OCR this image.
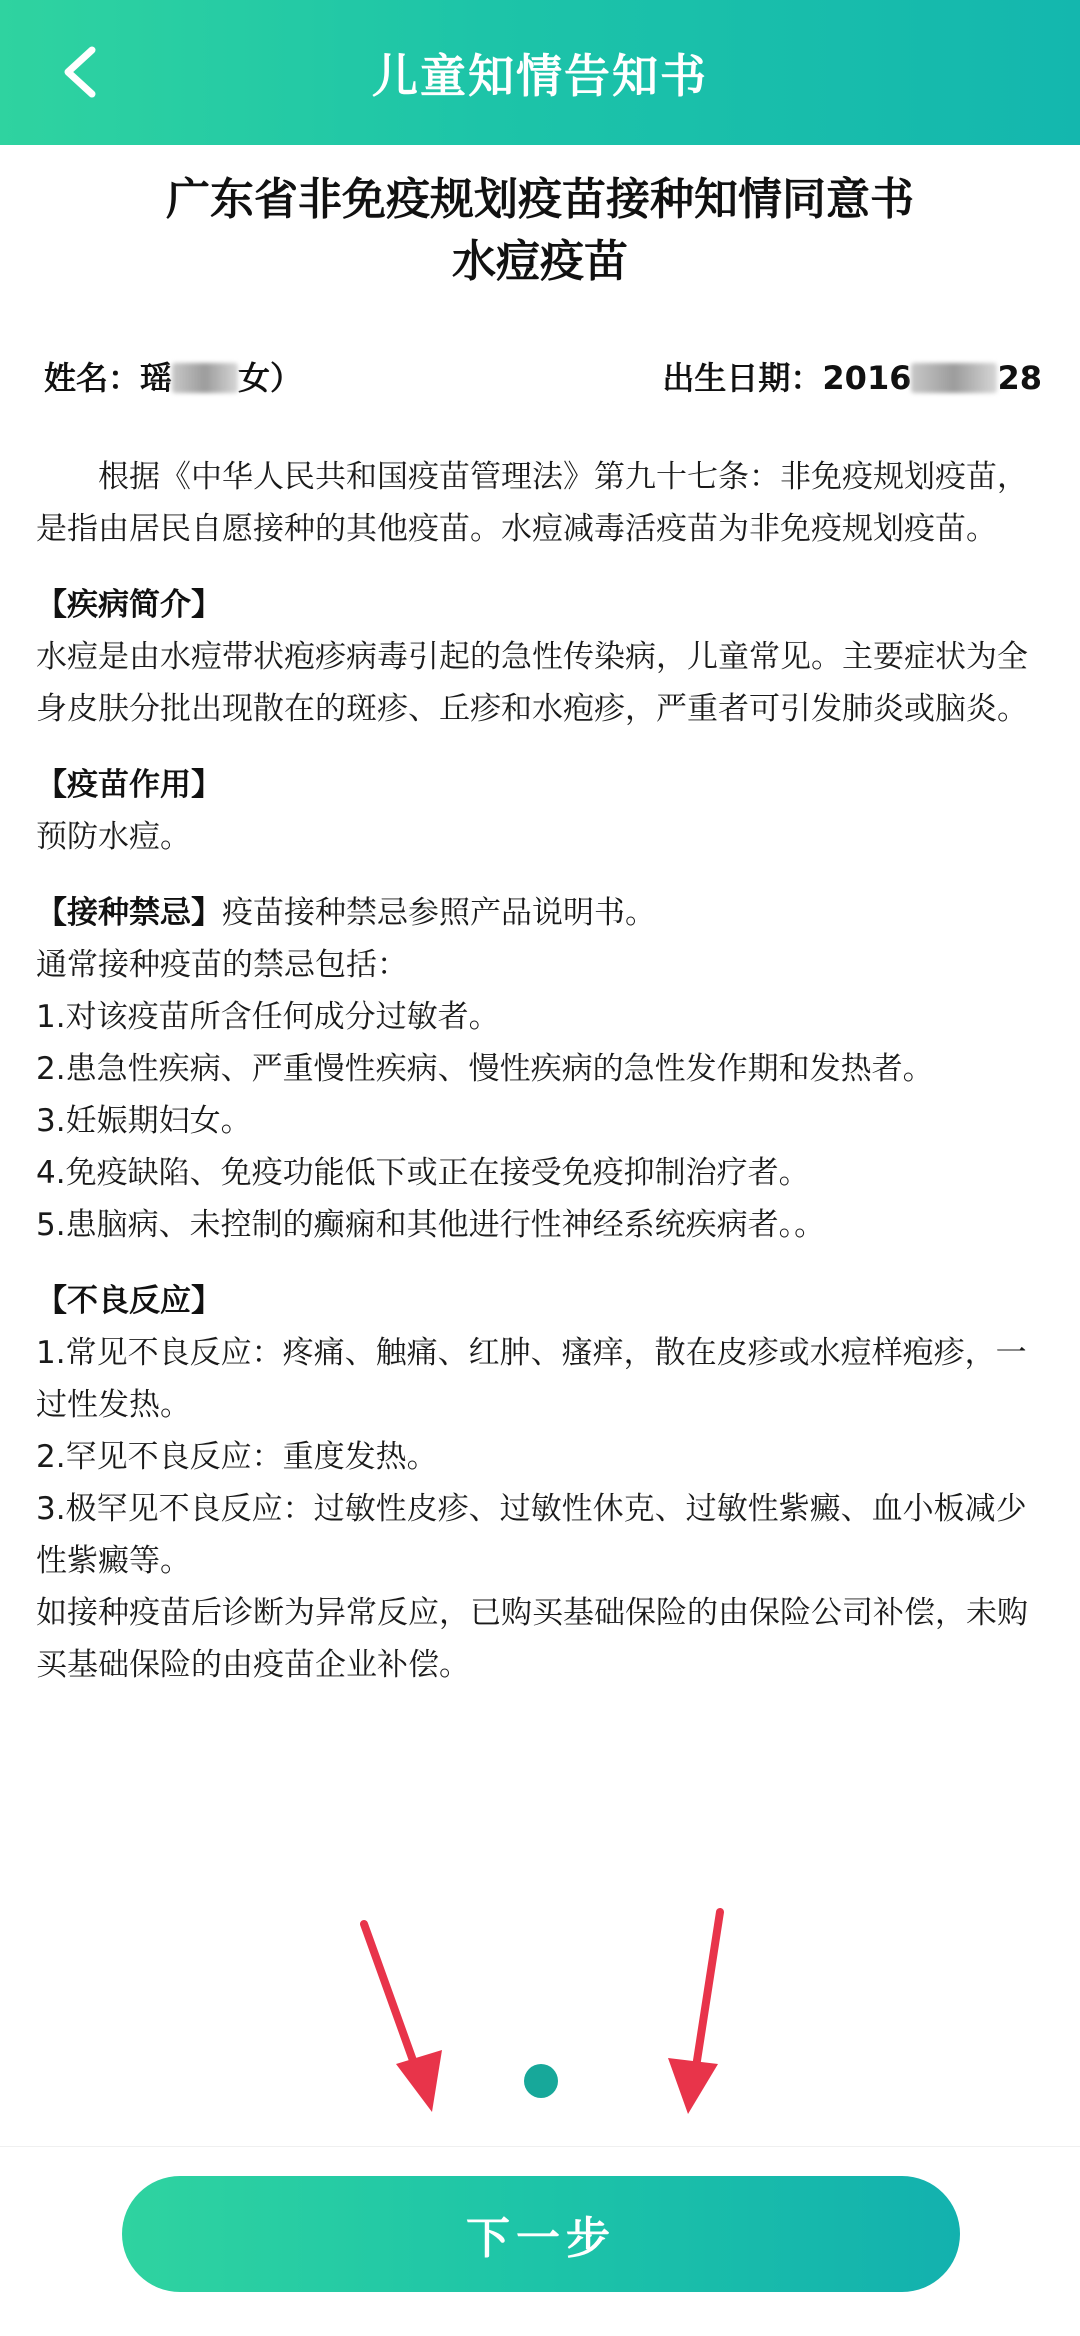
儿童知情告知书
广东省非免疫规划疫苗接种知情同意书
水痘疫苗
姓名：瑶 女）	出生日期：2016	28

根据《中华人民共和国疫苗管理法》第九十七条：非免疫规划疫苗，是指由居民自愿接种的其他疫苗。水痘减毒活疫苗为非免疫规划疫苗。

【疾病简介】

水痘是由水痘带状疱疹病毒引起的急性传染病，儿童常见。主要症状为全身皮肤分批出现散在的斑疹、丘疹和水疱疹，严重者可引发肺炎或脑炎。

【疫苗作用】

预防水痘。

【接种禁忌】疫苗接种禁忌参照产品说明书。

通常接种疫苗的禁忌包括：

1.对该疫苗所含任何成分过敏者。

2.患急性疾病、严重慢性疾病、慢性疾病的急性发作期和发热者。

3.妊娠期妇女。

4.免疫缺陷、免疫功能低下或正在接受免疫抑制治疗者。

5.患脑病、未控制的癫痫和其他进行性神经系统疾病者。。

【不良反应】

1.常见不良反应：疼痛、触痛、红肿、瘙痒，散在皮疹或水痘样疱疹，一过性发热。

2.罕见不良反应：重度发热。

3.极罕见不良反应：过敏性皮疹、过敏性休克、过敏性紫癜、血小板减少性紫癜等。

如接种疫苗后诊断为异常反应，已购买基础保险的由保险公司补偿，未购买基础保险的由疫苗企业补偿。

下一步
